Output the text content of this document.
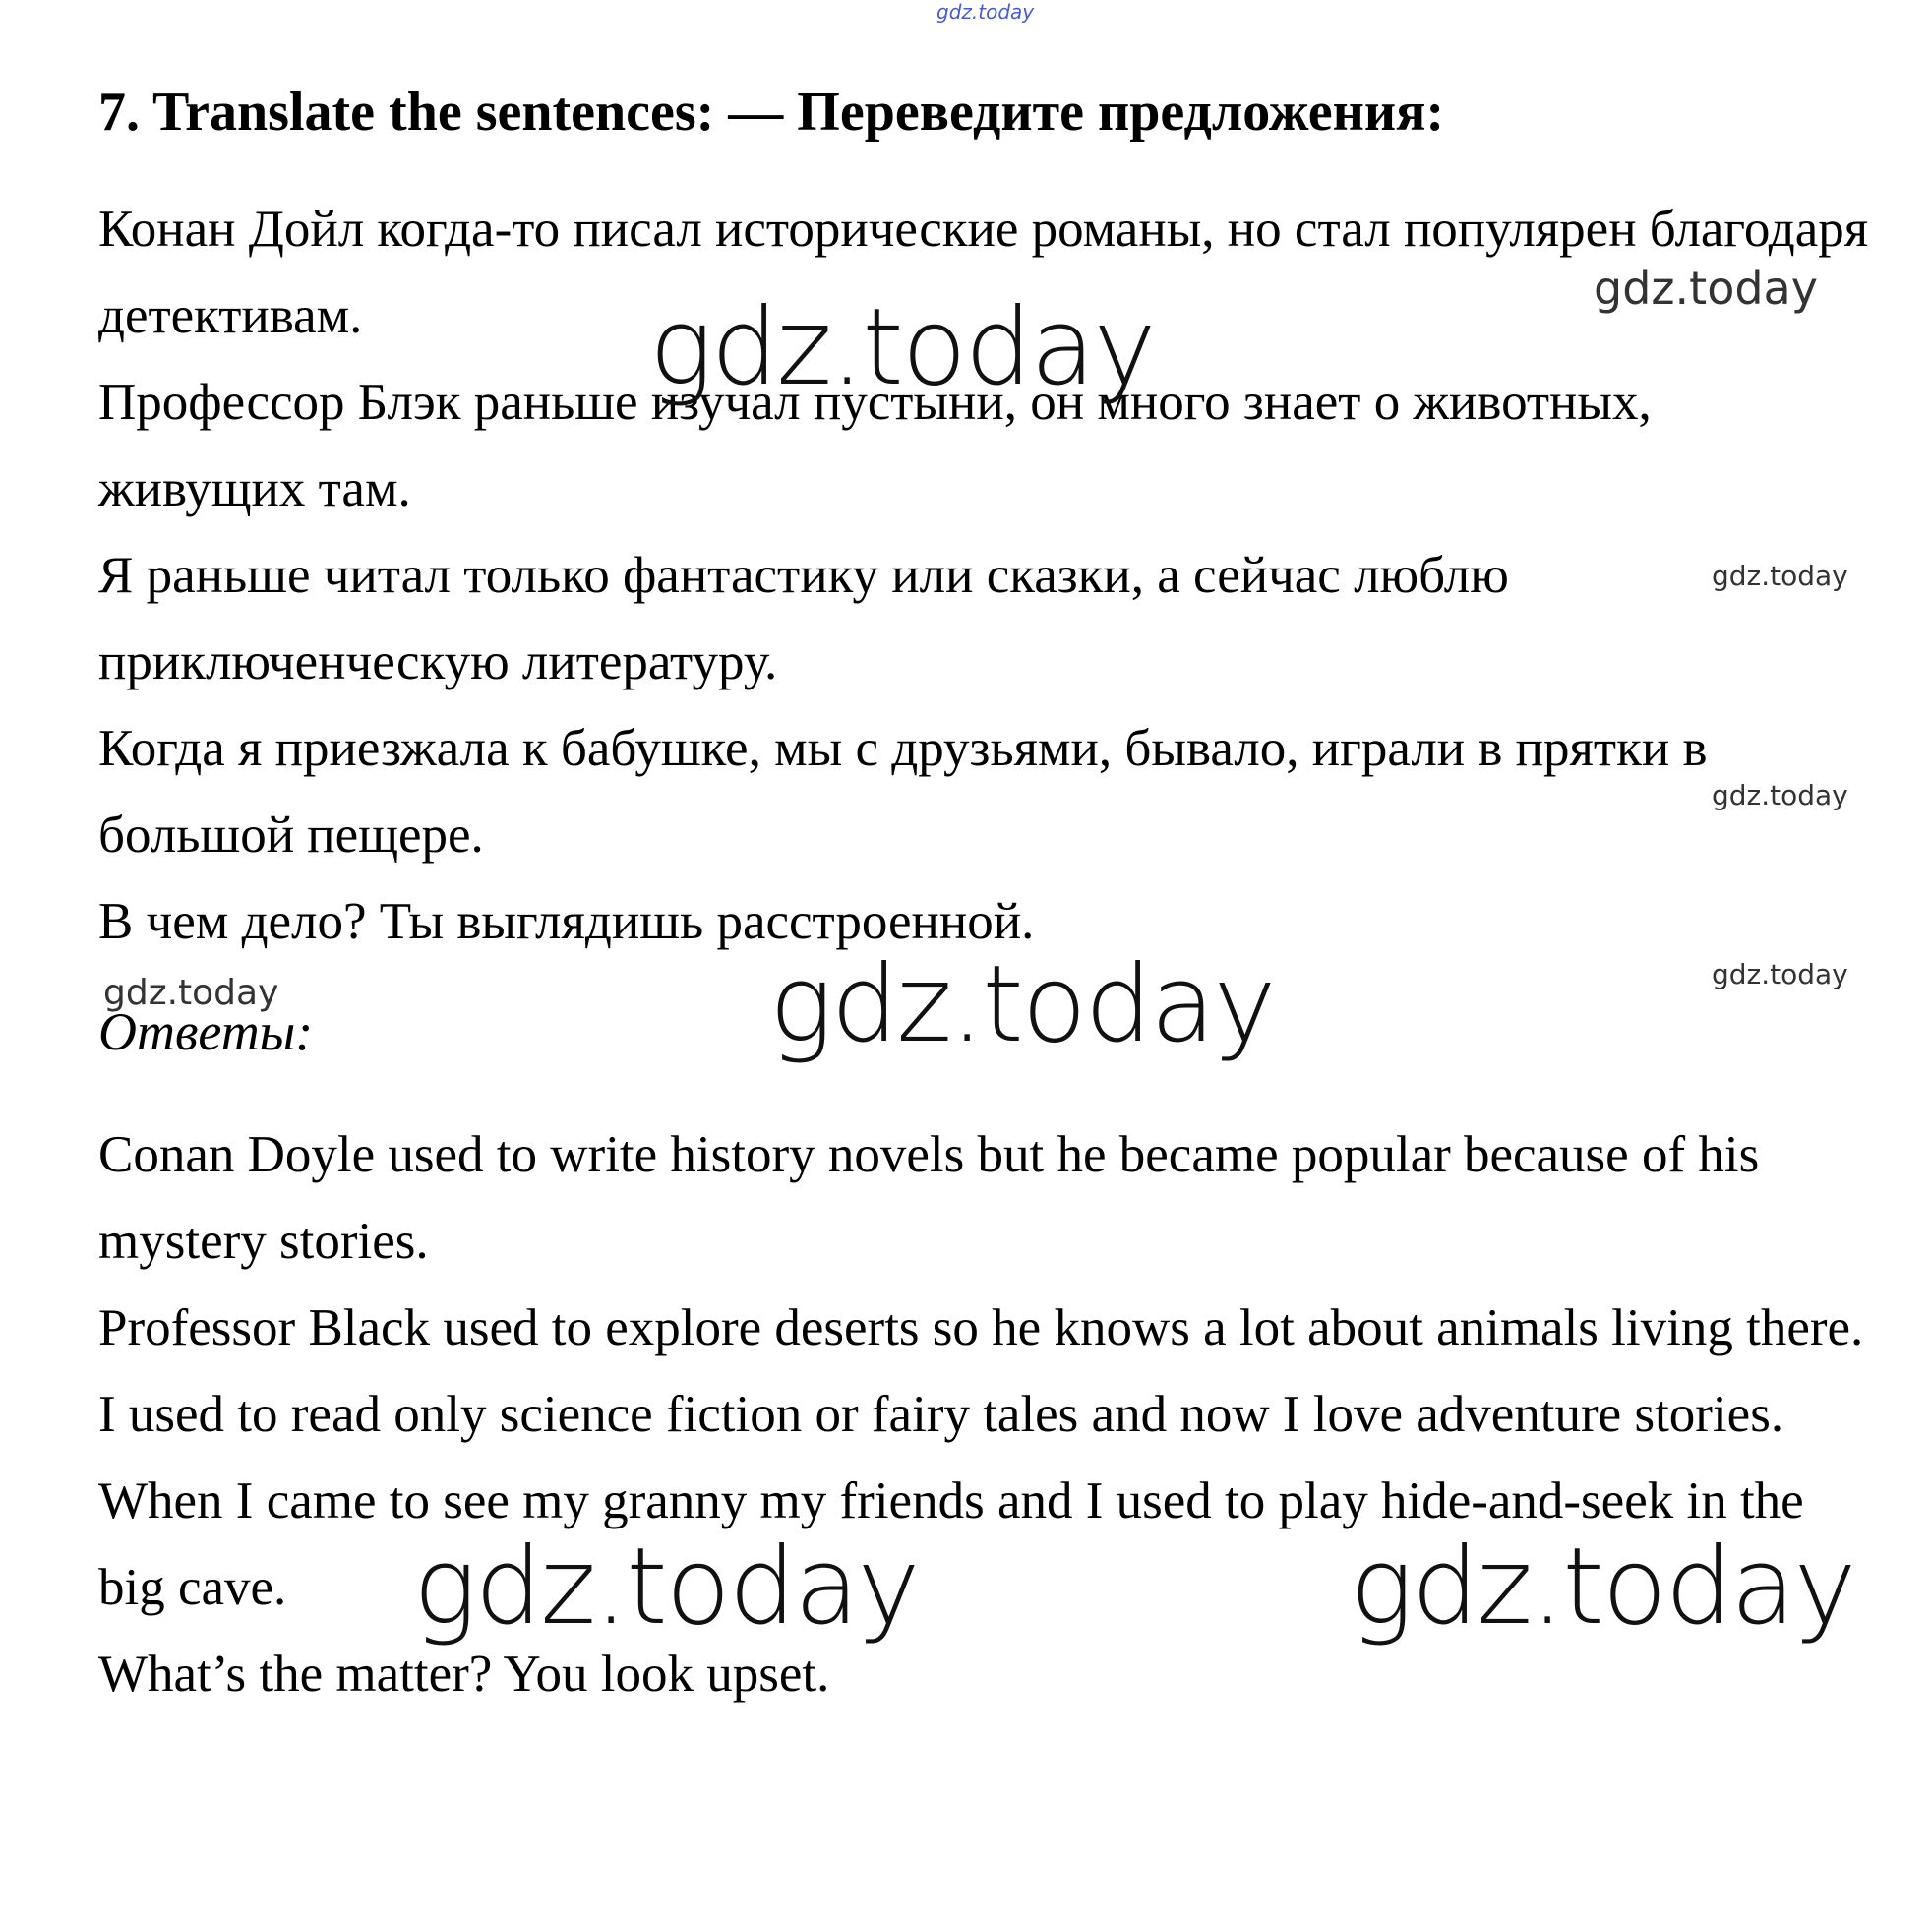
gdz.today
7. Translate the sentences: — Переведите предложения:
Конан Дойл когда-то писал исторические романы, но стал популярен благодаря детективам.
Профессор Блэк раньше изучал пустыни, он много знает о животных, живущих там.
Я раньше читал только фантастику или сказки, а сейчас люблю приключенческую литературу.
Когда я приезжала к бабушке, мы с друзьями, бывало, играли в прятки в большой пещере.
В чем дело? Ты выглядишь расстроенной.
Ответы:
Conan Doyle used to write history novels but he became popular because of his mystery stories.
Professor Black used to explore deserts so he knows a lot about animals living there.
I used to read only science fiction or fairy tales and now I love adventure stories.
When I came to see my granny my friends and I used to play hide-and-seek in the big cave.
What’s the matter? You look upset.
gdz.today
gdz.today
gdz.today
gdz.today
gdz.today
gdz.today	gdz.today
gdz.today	gdz.today
